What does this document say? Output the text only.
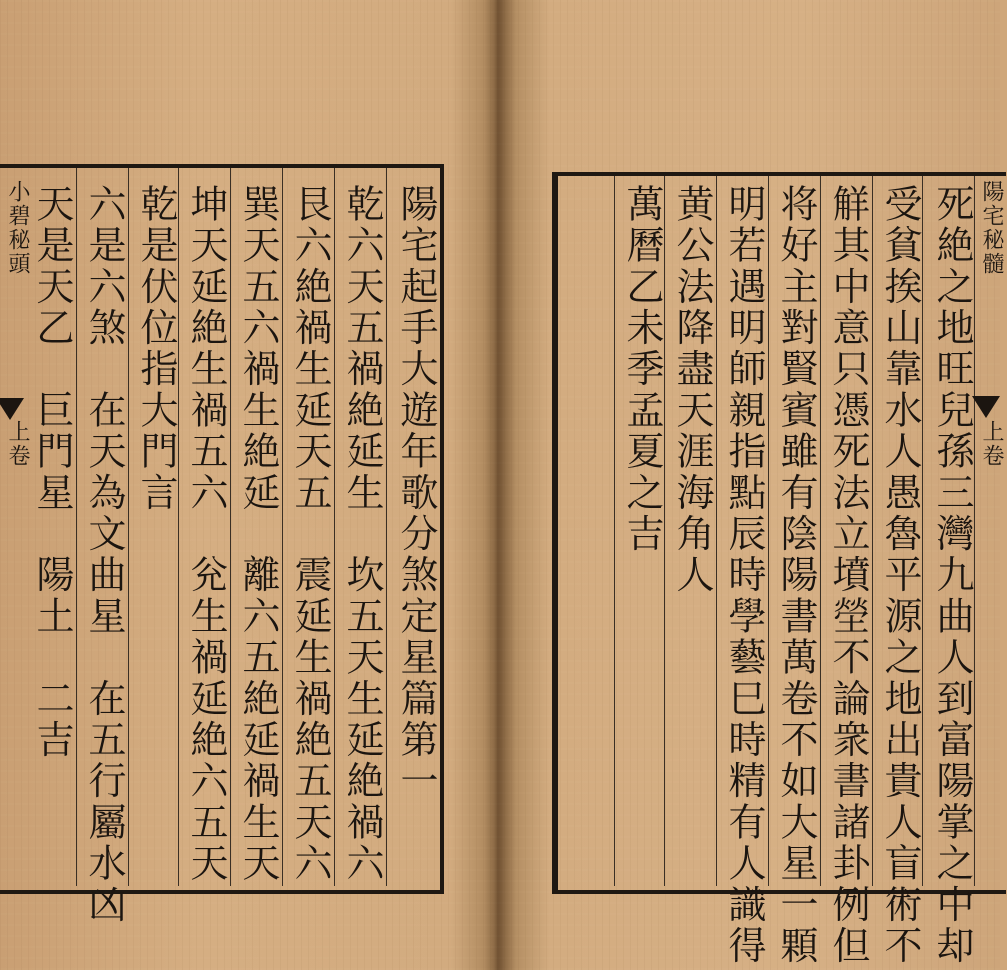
小碧秘頭
上卷	陽宅起手大遊年歌分煞定星篇第一
乾六天五禍絶延生　坎五天生延絶禍六
艮六絶禍生延天五　震延生禍絶五天六
巽天五六禍生絶延　離六五絶延禍生天
坤天延絶生禍五六　兊生禍延絶六五天
乾是伏位指大門言
六是六煞　在天為文曲星　在五行屬水凶
天是天乙　巨門星　陽土　二吉	死絶之地旺兒孫三灣九曲人到富陽掌之中却
受貧挨山靠水人愚魯平源之地出貴人盲術不
觧其中意只憑死法立墳塋不論衆書諸卦例但
将好主對賢賓雖有陰陽書萬卷不如大星一顆
明若遇明師親指點辰時學藝巳時精有人識得
黄公法降盡天涯海角人
萬曆乙未季孟夏之吉	陽宅秘髓
上卷
